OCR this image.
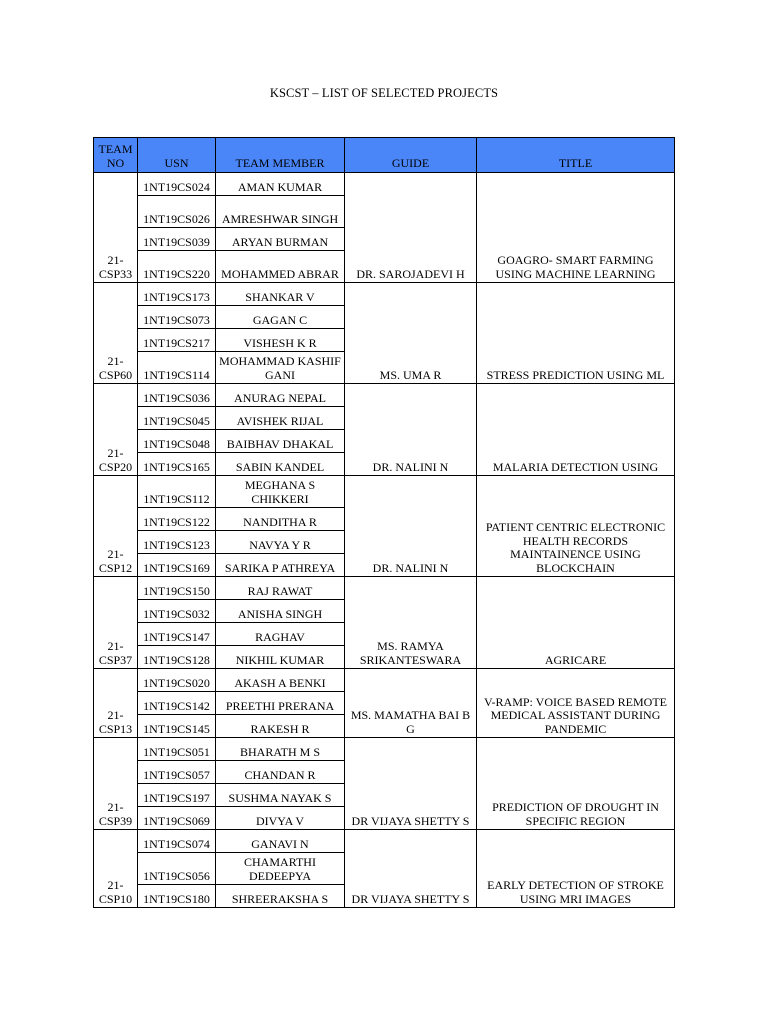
KSCST – LIST OF SELECTED PROJECTS
TEAM NO	USN	TEAM MEMBER	GUIDE	TITLE
21-CSP33	1NT19CS024	AMAN KUMAR	DR. SAROJADEVI H	GOAGRO- SMART FARMING USING MACHINE LEARNING
	1NT19CS026	AMRESHWAR SINGH		
	1NT19CS039	ARYAN BURMAN		
	1NT19CS220	MOHAMMED ABRAR		
21-CSP60	1NT19CS173	SHANKAR V	MS. UMA R	STRESS PREDICTION USING ML
	1NT19CS073	GAGAN C		
	1NT19CS217	VISHESH K R		
	1NT19CS114	MOHAMMAD KASHIF GANI		
21-CSP20	1NT19CS036	ANURAG NEPAL	DR. NALINI N	MALARIA DETECTION USING
	1NT19CS045	AVISHEK RIJAL		
	1NT19CS048	BAIBHAV DHAKAL		
	1NT19CS165	SABIN KANDEL		
21-CSP12	1NT19CS112	MEGHANA S CHIKKERI	DR. NALINI N	PATIENT CENTRIC ELECTRONIC HEALTH RECORDS MAINTAINENCE USING BLOCKCHAIN
	1NT19CS122	NANDITHA R		
	1NT19CS123	NAVYA Y R		
	1NT19CS169	SARIKA P ATHREYA		
21-CSP37	1NT19CS150	RAJ RAWAT	MS. RAMYA SRIKANTESWARA	AGRICARE
	1NT19CS032	ANISHA SINGH		
	1NT19CS147	RAGHAV		
	1NT19CS128	NIKHIL KUMAR		
21-CSP13	1NT19CS020	AKASH A BENKI	MS. MAMATHA BAI B G	V-RAMP: VOICE BASED REMOTE MEDICAL ASSISTANT DURING PANDEMIC
	1NT19CS142	PREETHI PRERANA		
	1NT19CS145	RAKESH R		
21-CSP39	1NT19CS051	BHARATH M S	DR VIJAYA SHETTY S	PREDICTION OF DROUGHT IN SPECIFIC REGION
	1NT19CS057	CHANDAN R		
	1NT19CS197	SUSHMA NAYAK S		
	1NT19CS069	DIVYA V		
21-CSP10	1NT19CS074	GANAVI N	DR VIJAYA SHETTY S	EARLY DETECTION OF STROKE USING MRI IMAGES
	1NT19CS056	CHAMARTHI DEDEEPYA		
	1NT19CS180	SHREERAKSHA S		
